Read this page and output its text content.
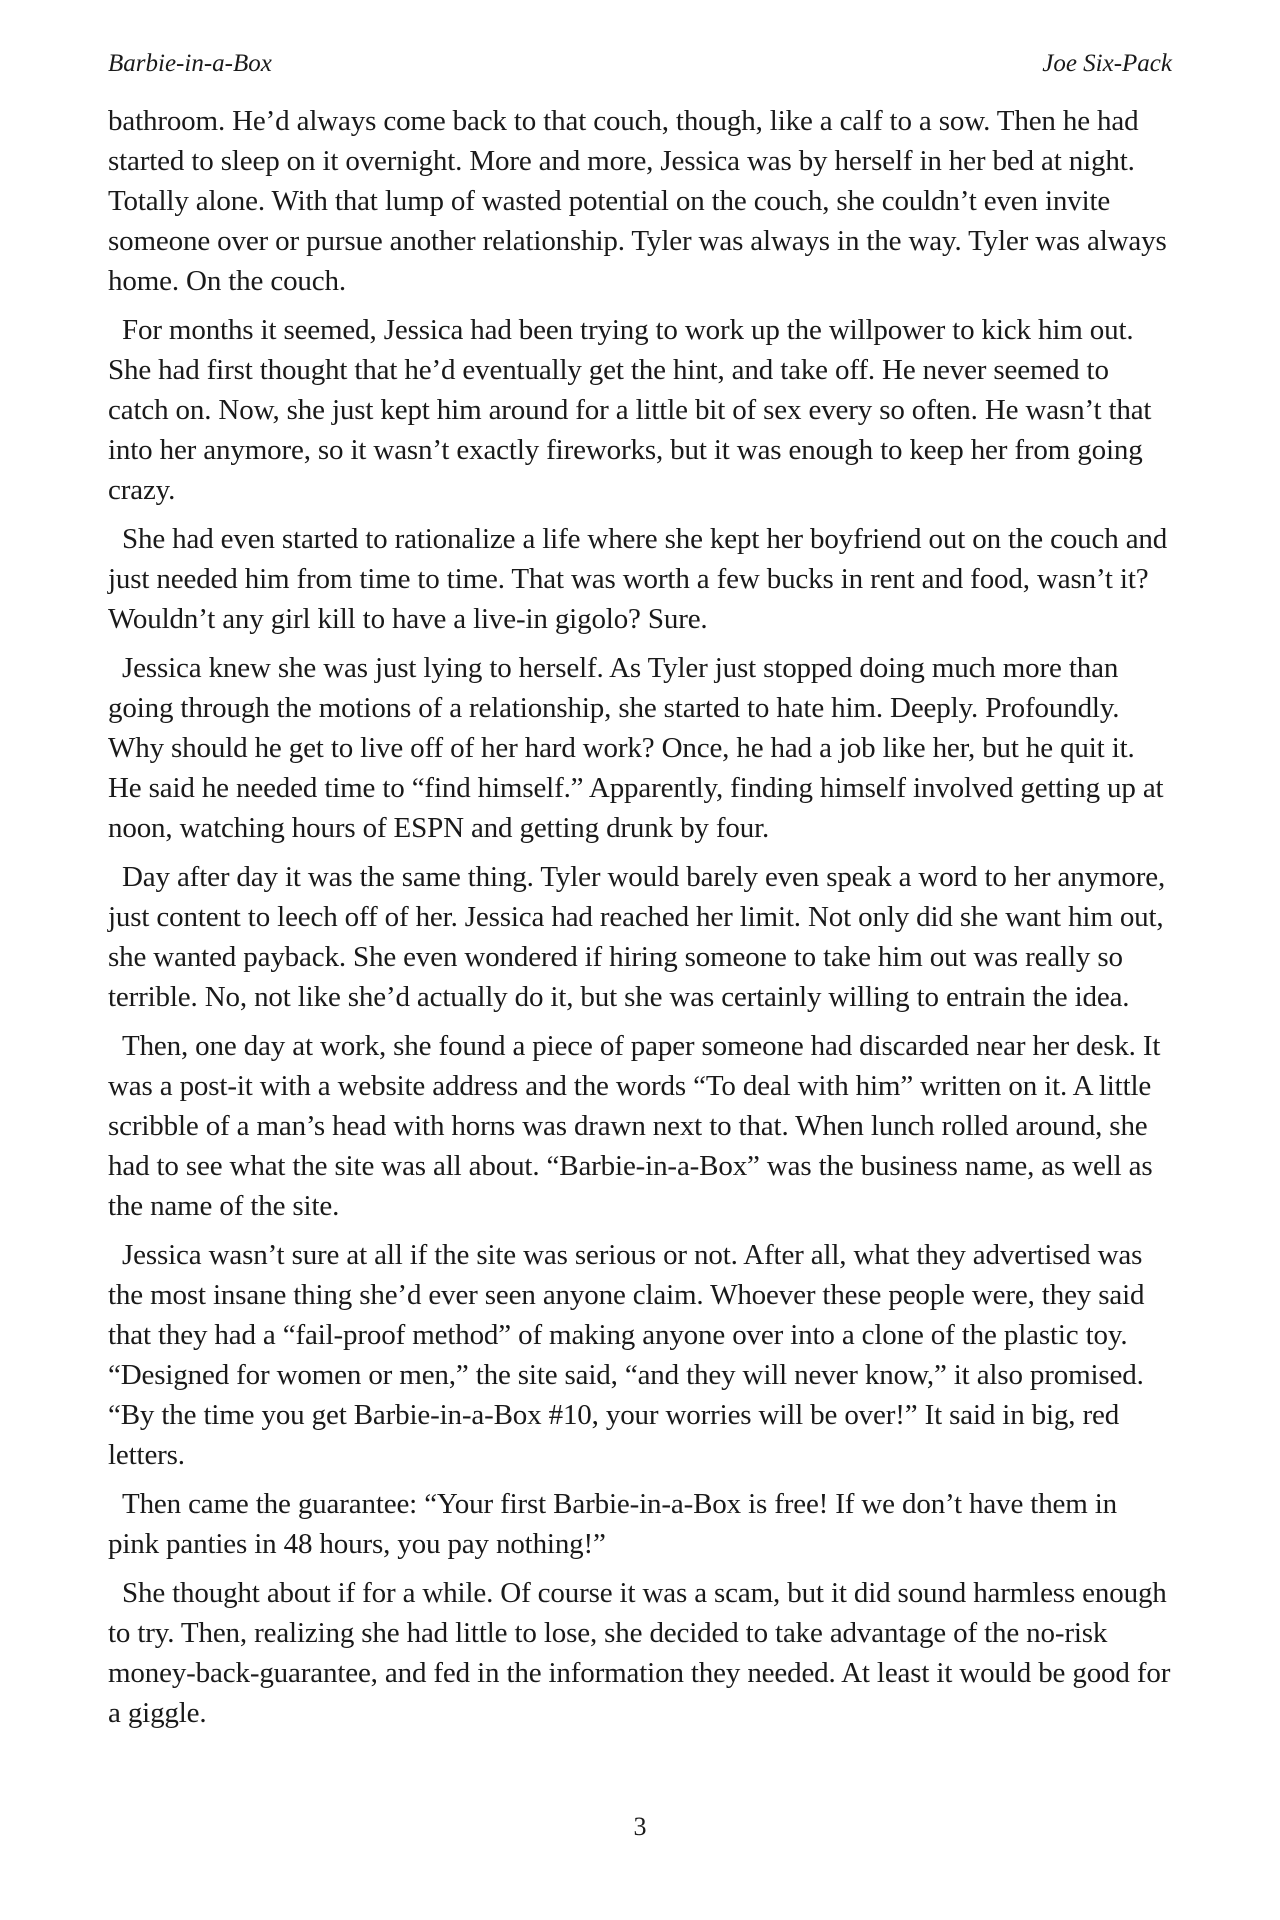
Barbie-in-a-Box	Joe Six-Pack

bathroom. He’d always come back to that couch, though, like a calf to a sow. Then he had started to sleep on it overnight. More and more, Jessica was by herself in her bed at night. Totally alone. With that lump of wasted potential on the couch, she couldn’t even invite someone over or pursue another relationship. Tyler was always in the way. Tyler was always home. On the couch.

For months it seemed, Jessica had been trying to work up the willpower to kick him out. She had first thought that he’d eventually get the hint, and take off. He never seemed to catch on. Now, she just kept him around for a little bit of sex every so often. He wasn’t that into her anymore, so it wasn’t exactly fireworks, but it was enough to keep her from going crazy.

She had even started to rationalize a life where she kept her boyfriend out on the couch and just needed him from time to time. That was worth a few bucks in rent and food, wasn’t it? Wouldn’t any girl kill to have a live-in gigolo? Sure.

Jessica knew she was just lying to herself. As Tyler just stopped doing much more than going through the motions of a relationship, she started to hate him. Deeply. Profoundly. Why should he get to live off of her hard work? Once, he had a job like her, but he quit it. He said he needed time to “find himself.” Apparently, finding himself involved getting up at noon, watching hours of ESPN and getting drunk by four.

Day after day it was the same thing. Tyler would barely even speak a word to her anymore, just content to leech off of her. Jessica had reached her limit. Not only did she want him out, she wanted payback. She even wondered if hiring someone to take him out was really so terrible. No, not like she’d actually do it, but she was certainly willing to entrain the idea.

Then, one day at work, she found a piece of paper someone had discarded near her desk. It was a post-it with a website address and the words “To deal with him” written on it. A little scribble of a man’s head with horns was drawn next to that. When lunch rolled around, she had to see what the site was all about. “Barbie-in-a-Box” was the business name, as well as the name of the site.

Jessica wasn’t sure at all if the site was serious or not. After all, what they advertised was the most insane thing she’d ever seen anyone claim. Whoever these people were, they said that they had a “fail-proof method” of making anyone over into a clone of the plastic toy. “Designed for women or men,” the site said, “and they will never know,” it also promised. “By the time you get Barbie-in-a-Box #10, your worries will be over!” It said in big, red letters.

Then came the guarantee: “Your first Barbie-in-a-Box is free! If we don’t have them in pink panties in 48 hours, you pay nothing!”

She thought about if for a while. Of course it was a scam, but it did sound harmless enough to try. Then, realizing she had little to lose, she decided to take advantage of the no-risk money-back-guarantee, and fed in the information they needed. At least it would be good for a giggle.

3
